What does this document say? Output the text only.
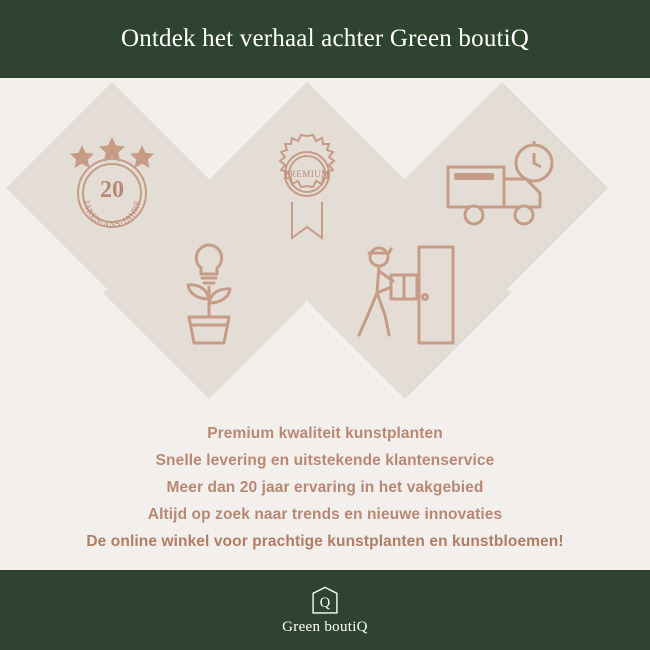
Ontdek het verhaal achter Green boutiQ
20
JAREN-ANS-JAHRE
PREMIUM
Premium kwaliteit kunstplanten
Snelle levering en uitstekende klantenservice
Meer dan 20 jaar ervaring in het vakgebied
Altijd op zoek naar trends en nieuwe innovaties
De online winkel voor prachtige kunstplanten en kunstbloemen!
Q
Green boutiQ
